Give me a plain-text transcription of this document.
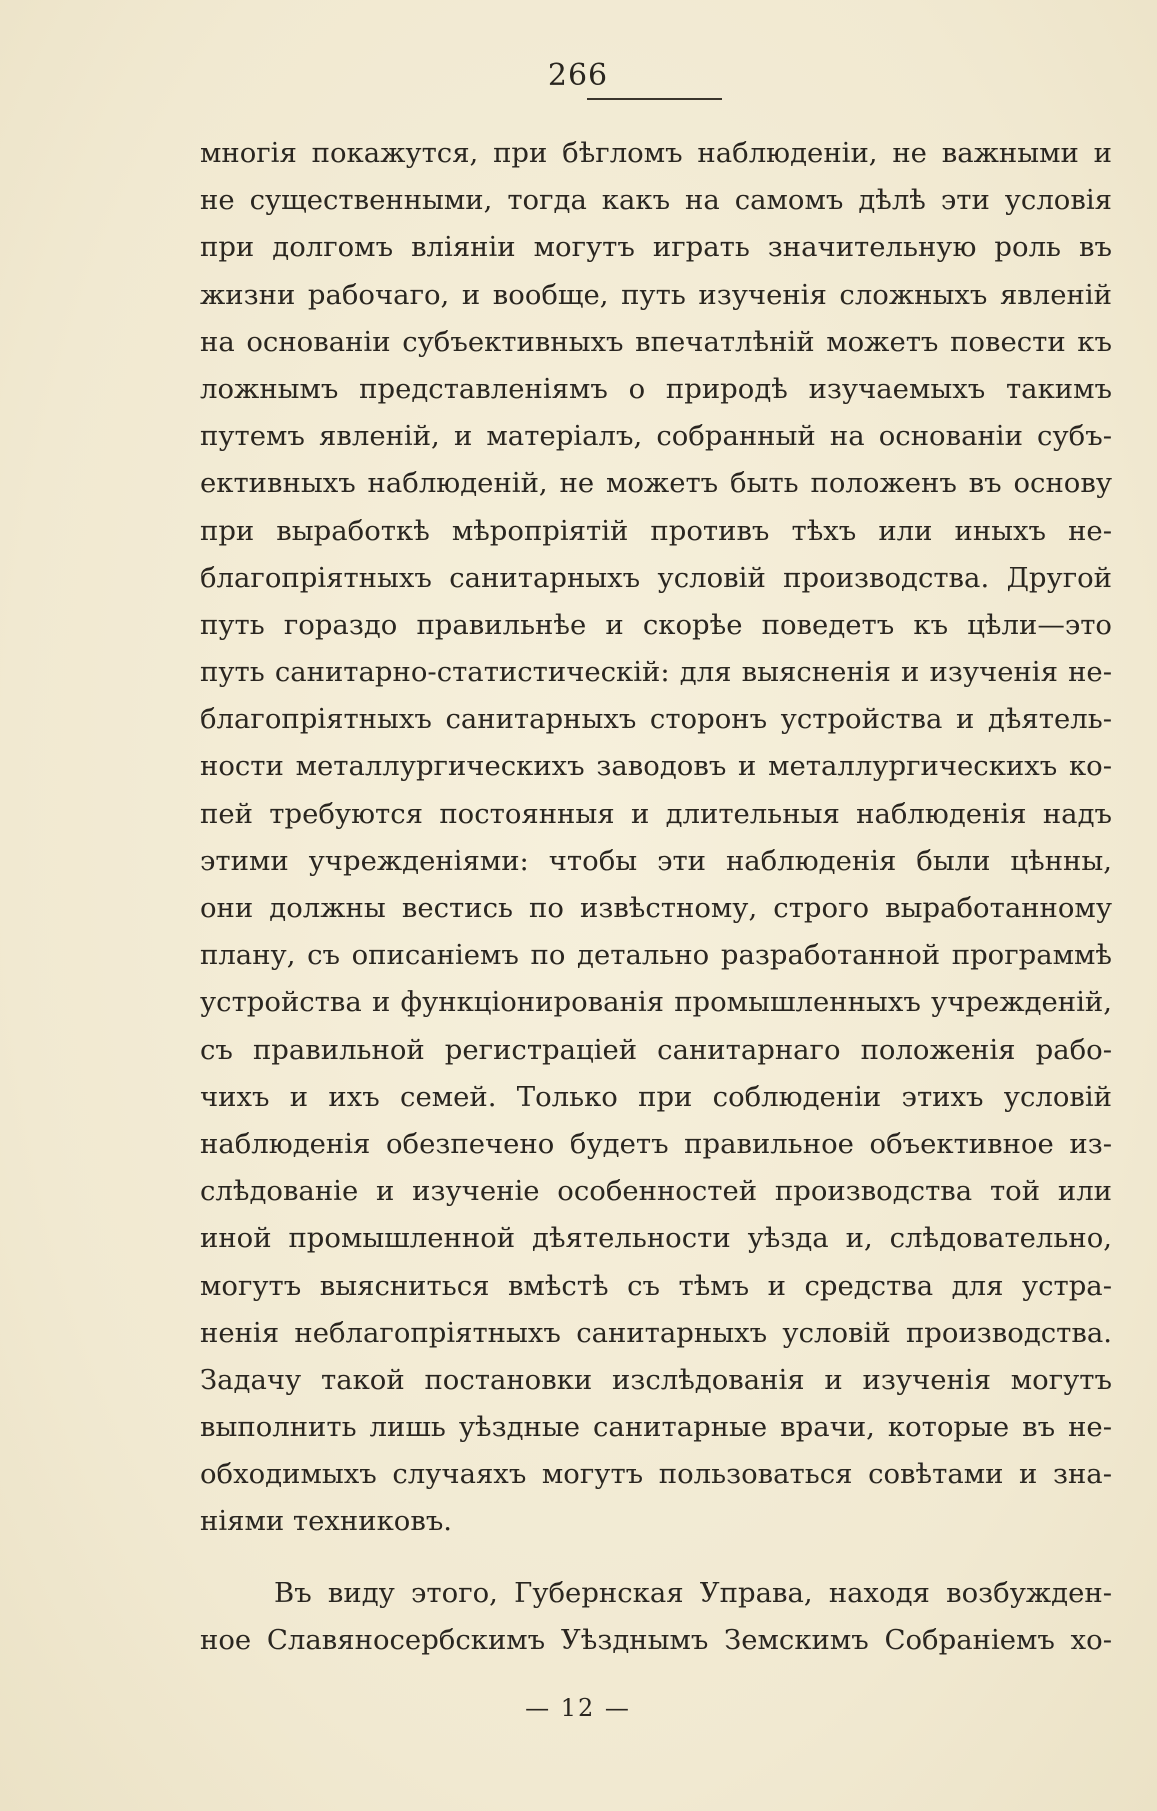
266
многія покажутся, при бѣгломъ наблюденіи, не важными и
не существенными, тогда какъ на самомъ дѣлѣ эти условія
при долгомъ вліяніи могутъ играть значительную роль въ
жизни рабочаго, и вообще, путь изученія сложныхъ явленій
на основаніи субъективныхъ впечатлѣній можетъ повести къ
ложнымъ представленіямъ о природѣ изучаемыхъ такимъ
путемъ явленій, и матеріалъ, собранный на основаніи субъ-
ективныхъ наблюденій, не можетъ быть положенъ въ основу
при выработкѣ мѣропріятій противъ тѣхъ или иныхъ не-
благопріятныхъ санитарныхъ условій производства. Другой
путь гораздо правильнѣе и скорѣе поведетъ къ цѣли—это
путь санитарно-статистическій: для выясненія и изученія не-
благопріятныхъ санитарныхъ сторонъ устройства и дѣятель-
ности металлургическихъ заводовъ и металлургическихъ ко-
пей требуются постоянныя и длительныя наблюденія надъ
этими учрежденіями: чтобы эти наблюденія были цѣнны,
они должны вестись по извѣстному, строго выработанному
плану, съ описаніемъ по детально разработанной программѣ
устройства и функціонированія промышленныхъ учрежденій,
съ правильной регистраціей санитарнаго положенія рабо-
чихъ и ихъ семей. Только при соблюденіи этихъ условій
наблюденія обезпечено будетъ правильное объективное из-
слѣдованіе и изученіе особенностей производства той или
иной промышленной дѣятельности уѣзда и, слѣдовательно,
могутъ выясниться вмѣстѣ съ тѣмъ и средства для устра-
ненія неблагопріятныхъ санитарныхъ условій производства.
Задачу такой постановки изслѣдованія и изученія могутъ
выполнить лишь уѣздные санитарные врачи, которые въ не-
обходимыхъ случаяхъ могутъ пользоваться совѣтами и зна-
ніями техниковъ.
Въ виду этого, Губернская Управа, находя возбужден-
ное Славяносербскимъ Уѣзднымъ Земскимъ Собраніемъ хо-
— 12 —
